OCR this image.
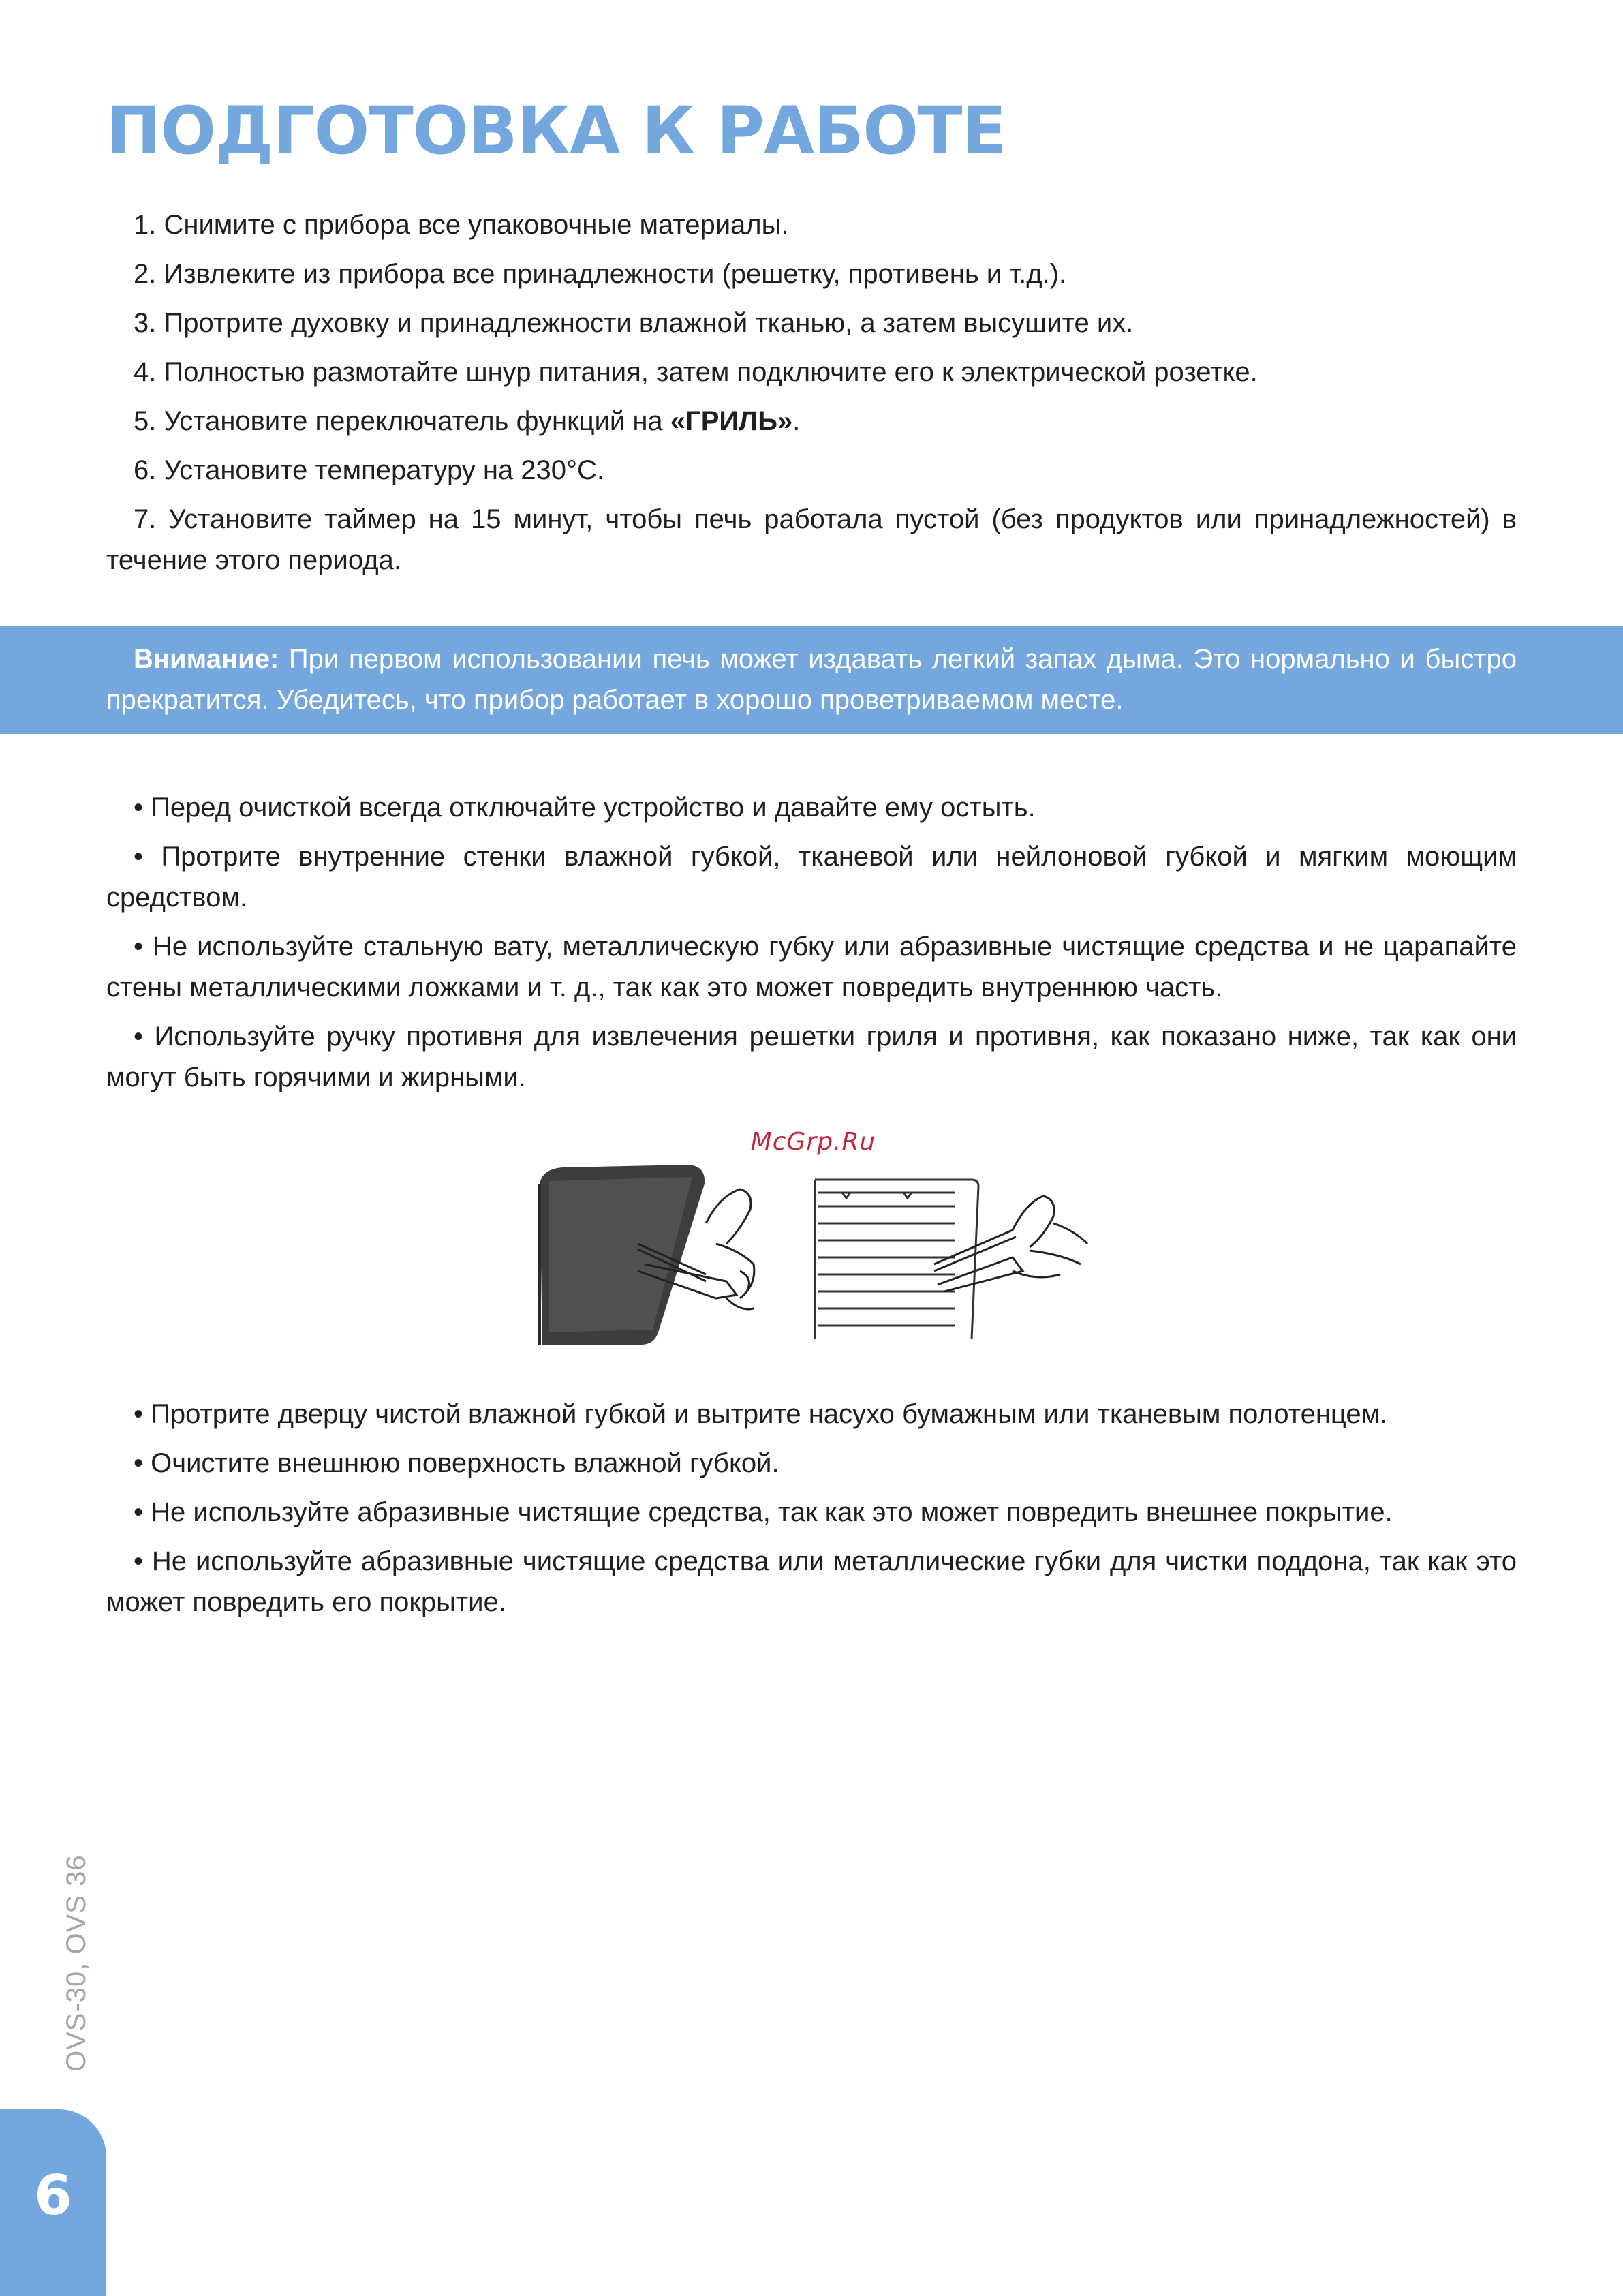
ПОДГОТОВКА К РАБОТЕ

1. Снимите с прибора все упаковочные материалы.

2. Извлеките из прибора все принадлежности (решетку, противень и т.д.).

3. Протрите духовку и принадлежности влажной тканью, а затем высушите их.

4. Полностью размотайте шнур питания, затем подключите его к электрической розетке.

5. Установите переключатель функций на «ГРИЛЬ».

6. Установите температуру на 230°С.

7. Установите таймер на 15 минут, чтобы печь работала пустой (без продуктов или принадлежностей) в течение этого периода.

Внимание: При первом использовании печь может издавать легкий запах дыма. Это нормально и быстро прекратится. Убедитесь, что прибор работает в хорошо проветриваемом месте.

• Перед очисткой всегда отключайте устройство и давайте ему остыть.

• Протрите внутренние стенки влажной губкой, тканевой или нейлоновой губкой и мягким моющим средством.

• Не используйте стальную вату, металлическую губку или абразивные чистящие средства и не царапайте стены металлическими ложками и т. д., так как это может повредить внутреннюю часть.

• Используйте ручку противня для извлечения решетки гриля и противня, как показано ниже, так как они могут быть горячими и жирными.

McGrp.Ru

• Протрите дверцу чистой влажной губкой и вытрите насухо бумажным или тканевым полотенцем.

• Очистите внешнюю поверхность влажной губкой.

• Не используйте абразивные чистящие средства, так как это может повредить внешнее покрытие.

• Не используйте абразивные чистящие средства или металлические губки для чистки поддона, так как это может повредить его покрытие.

OVS-30, OVS 36
6
